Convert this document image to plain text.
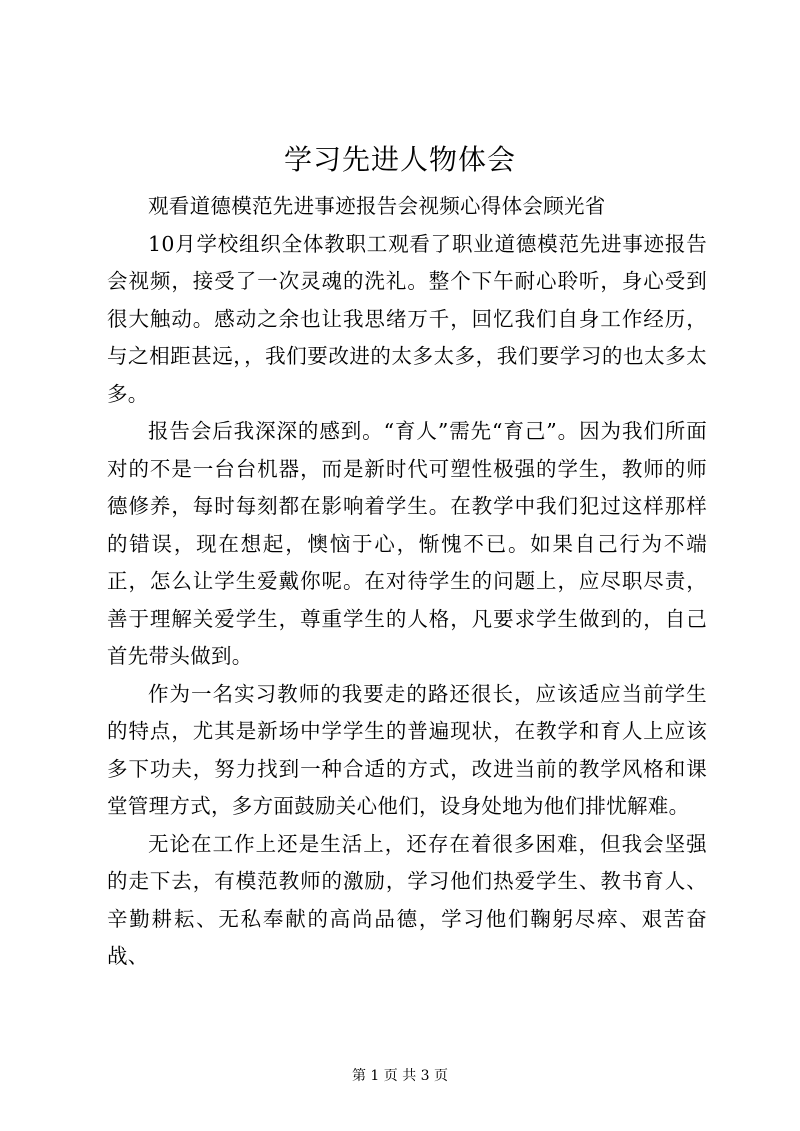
学习先进人物体会

观看道德模范先进事迹报告会视频心得体会顾光省

10月学校组织全体教职工观看了职业道德模范先进事迹报告会视频，接受了一次灵魂的洗礼。整个下午耐心聆听，身心受到很大触动。感动之余也让我思绪万千，回忆我们自身工作经历，与之相距甚远，，我们要改进的太多太多，我们要学习的也太多太多。

报告会后我深深的感到。“育人”需先“育己”。因为我们所面对的不是一台台机器，而是新时代可塑性极强的学生，教师的师德修养，每时每刻都在影响着学生。在教学中我们犯过这样那样的错误，现在想起，懊恼于心，惭愧不已。如果自己行为不端正，怎么让学生爱戴你呢。在对待学生的问题上，应尽职尽责，善于理解关爱学生，尊重学生的人格，凡要求学生做到的，自己首先带头做到。

作为一名实习教师的我要走的路还很长，应该适应当前学生的特点，尤其是新场中学学生的普遍现状，在教学和育人上应该多下功夫，努力找到一种合适的方式，改进当前的教学风格和课堂管理方式，多方面鼓励关心他们，设身处地为他们排忧解难。

无论在工作上还是生活上，还存在着很多困难，但我会坚强的走下去，有模范教师的激励，学习他们热爱学生、教书育人、辛勤耕耘、无私奉献的高尚品德，学习他们鞠躬尽瘁、艰苦奋战、

第 1 页 共 3 页
